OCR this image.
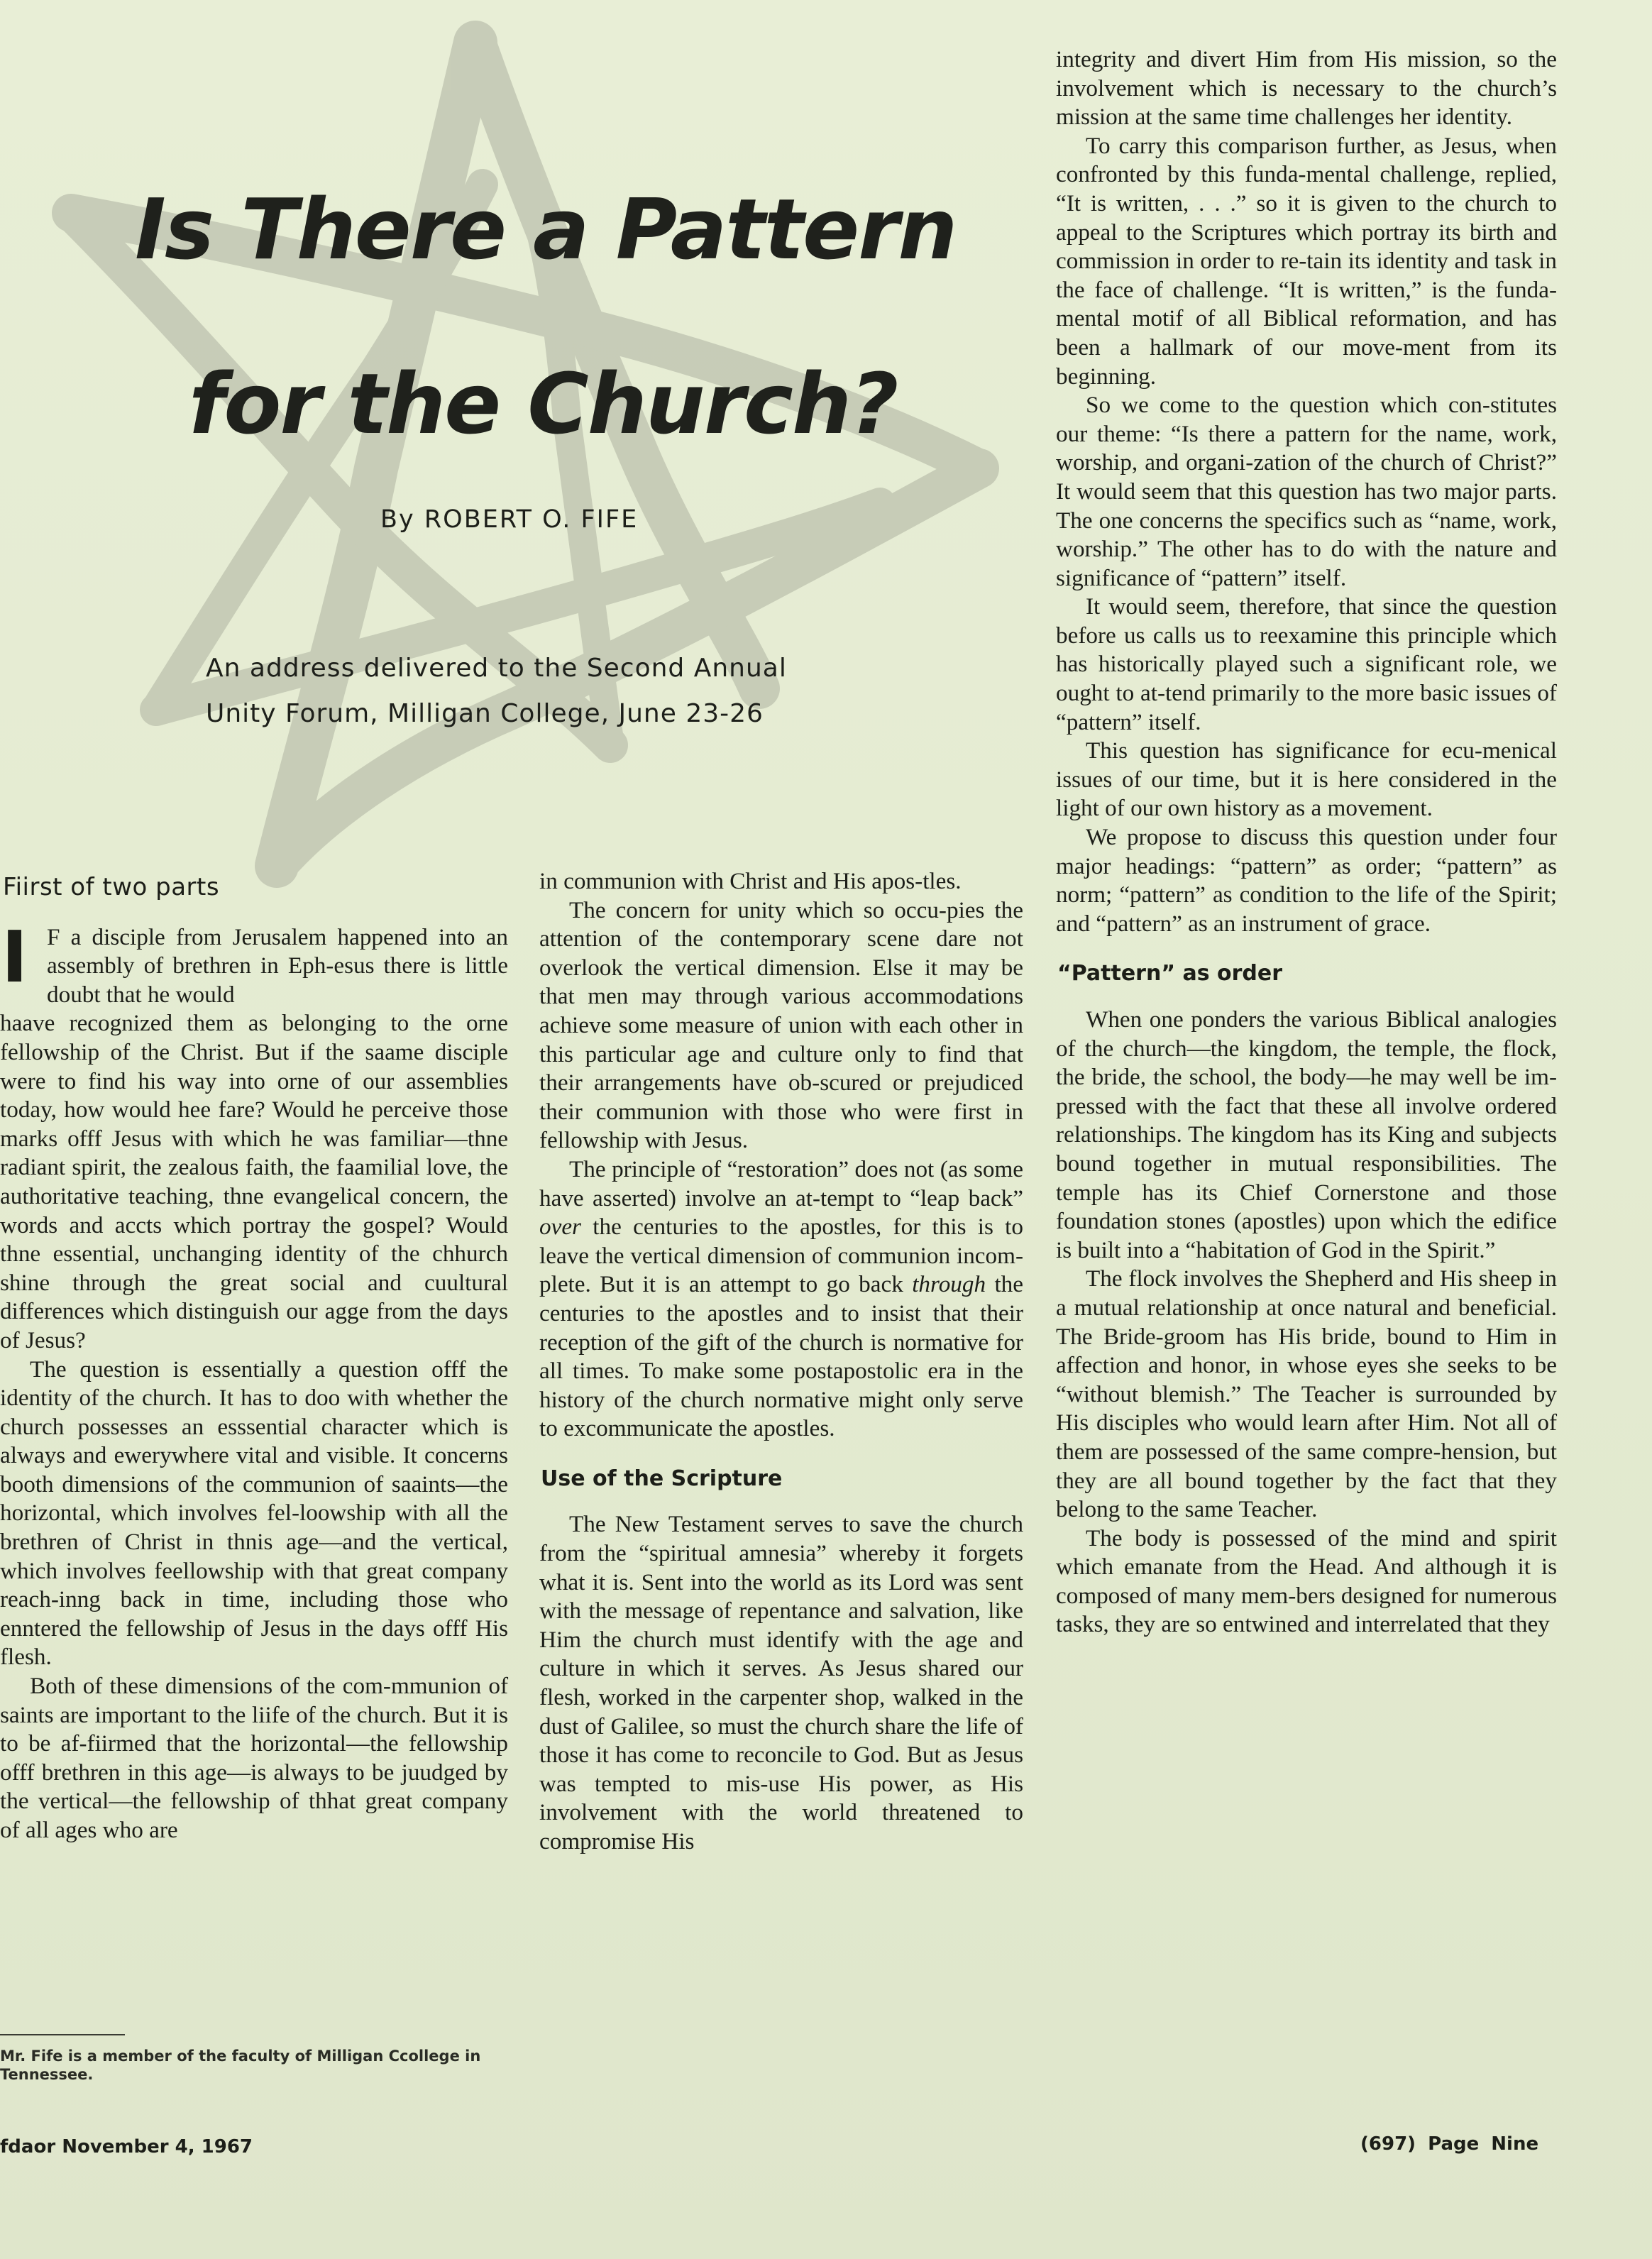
Is There a Pattern
for the Church?
By ROBERT O. FIFE
An address delivered to the Second Annual
Unity Forum, Milligan College, June 23-26
Fiirst of two parts

I F a disciple from Jerusalem happened into an assembly of brethren in Eph-esus there is little doubt that he would

haave recognized them as belonging to the orne fellowship of the Christ. But if the saame disciple were to find his way into orne of our assemblies today, how would hee fare? Would he perceive those marks offf Jesus with which he was familiar—thne radiant spirit, the zealous faith, the faamilial love, the authoritative teaching, thne evangelical concern, the words and accts which portray the gospel? Would thne essential, unchanging identity of the chhurch shine through the great social and cuultural differences which distinguish our agge from the days of Jesus?

The question is essentially a question offf the identity of the church. It has to doo with whether the church possesses an esssential character which is always and ewerywhere vital and visible. It concerns booth dimensions of the communion of saaints—the horizontal, which involves fel-loowship with all the brethren of Christ in thnis age—and the vertical, which involves feellowship with that great company reach-inng back in time, including those who enntered the fellowship of Jesus in the days offf His flesh.

Both of these dimensions of the com-mmunion of saints are important to the liife of the church. But it is to be af-fiirmed that the horizontal—the fellowship offf brethren in this age—is always to be juudged by the vertical—the fellowship of thhat great company of all ages who are

Mr. Fife is a member of the faculty of Milligan Ccollege in Tennessee.

in communion with Christ and His apos-tles.

The concern for unity which so occu-pies the attention of the contemporary scene dare not overlook the vertical dimension. Else it may be that men may through various accommodations achieve some measure of union with each other in this particular age and culture only to find that their arrangements have ob-scured or prejudiced their communion with those who were first in fellowship with Jesus.

The principle of “restoration” does not (as some have asserted) involve an at-tempt to “leap back” over the centuries to the apostles, for this is to leave the vertical dimension of communion incom-plete. But it is an attempt to go back through the centuries to the apostles and to insist that their reception of the gift of the church is normative for all times. To make some postapostolic era in the history of the church normative might only serve to excommunicate the apostles.

Use of the Scripture

The New Testament serves to save the church from the “spiritual amnesia” whereby it forgets what it is. Sent into the world as its Lord was sent with the message of repentance and salvation, like Him the church must identify with the age and culture in which it serves. As Jesus shared our flesh, worked in the carpenter shop, walked in the dust of Galilee, so must the church share the life of those it has come to reconcile to God. But as Jesus was tempted to mis-use His power, as His involvement with the world threatened to compromise His

integrity and divert Him from His mission, so the involvement which is necessary to the church’s mission at the same time challenges her identity.

To carry this comparison further, as Jesus, when confronted by this funda-mental challenge, replied, “It is written, . . .” so it is given to the church to appeal to the Scriptures which portray its birth and commission in order to re-tain its identity and task in the face of challenge. “It is written,” is the funda-mental motif of all Biblical reformation, and has been a hallmark of our move-ment from its beginning.

So we come to the question which con-stitutes our theme: “Is there a pattern for the name, work, worship, and organi-zation of the church of Christ?” It would seem that this question has two major parts. The one concerns the specifics such as “name, work, worship.” The other has to do with the nature and significance of “pattern” itself.

It would seem, therefore, that since the question before us calls us to reexamine this principle which has historically played such a significant role, we ought to at-tend primarily to the more basic issues of “pattern” itself.

This question has significance for ecu-menical issues of our time, but it is here considered in the light of our own history as a movement.

We propose to discuss this question under four major headings: “pattern” as order; “pattern” as norm; “pattern” as condition to the life of the Spirit; and “pattern” as an instrument of grace.

“Pattern” as order

When one ponders the various Biblical analogies of the church—the kingdom, the temple, the flock, the bride, the school, the body—he may well be im-pressed with the fact that these all involve ordered relationships. The kingdom has its King and subjects bound together in mutual responsibilities. The temple has its Chief Cornerstone and those foundation stones (apostles) upon which the edifice is built into a “habitation of God in the Spirit.”

The flock involves the Shepherd and His sheep in a mutual relationship at once natural and beneficial. The Bride-groom has His bride, bound to Him in affection and honor, in whose eyes she seeks to be “without blemish.” The Teacher is surrounded by His disciples who would learn after Him. Not all of them are possessed of the same compre-hension, but they are all bound together by the fact that they belong to the same Teacher.

The body is possessed of the mind and spirit which emanate from the Head. And although it is composed of many mem-bers designed for numerous tasks, they are so entwined and interrelated that they

fdaor November 4, 1967	(697) Page Nine
